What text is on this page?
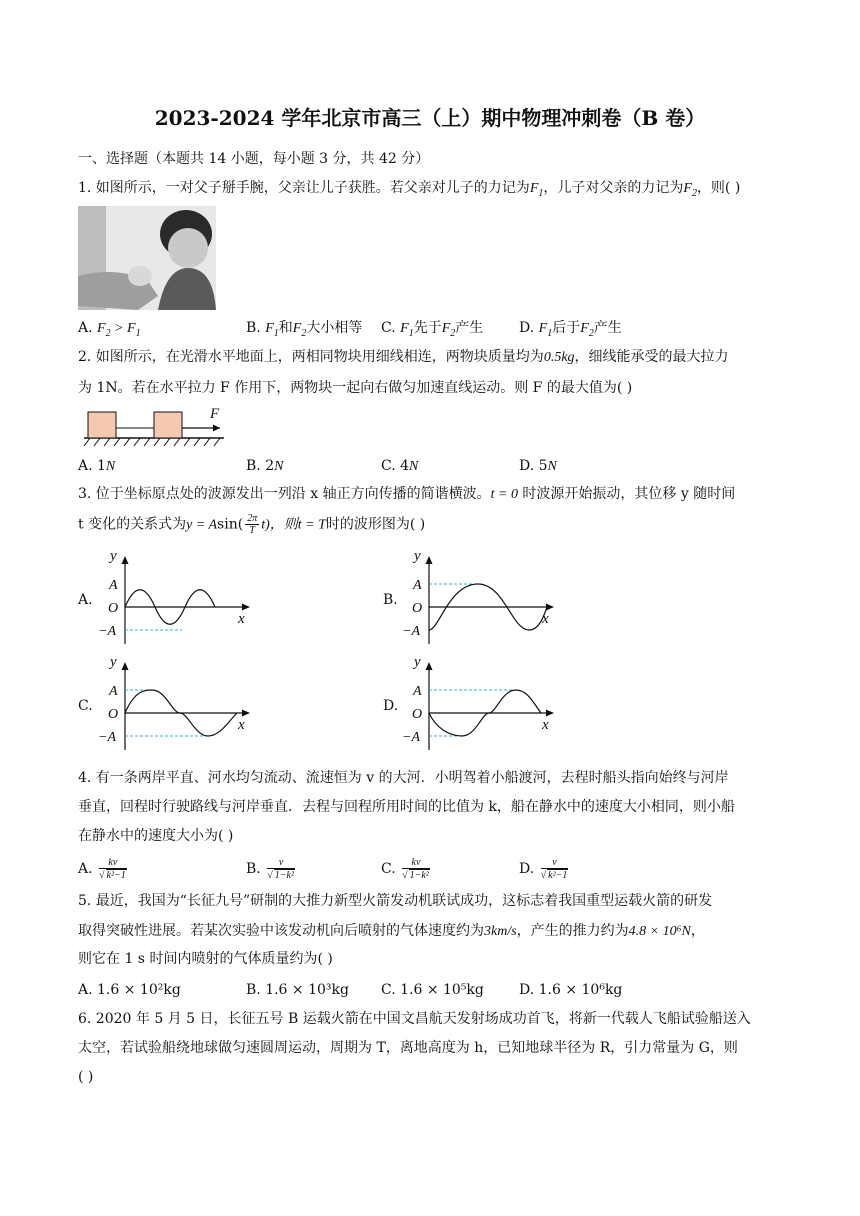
2023-2024 学年北京市高三（上）期中物理冲刺卷（B 卷）
一、选择题（本题共 14 小题，每小题 3 分，共 42 分）
1. 如图所示，一对父子掰手腕，父亲让儿子获胜。若父亲对儿子的力记为$F_1$，儿子对父亲的力记为$F_2$，则( )
A. $F_2 > F_1$	B. $F_1$和$F_2$大小相等 C. $F_1$先于$F_2$产生	D. $F_1$后于$F_2$产生
2. 如图所示，在光滑水平地面上，两相同物块用细线相连，两物块质量均为0.5kg，细线能承受的最大拉力
为 1N。若在水平拉力 F 作用下，两物块一起向右做匀加速直线运动。则 F 的最大值为( )
F
A. 1N	B. 2N	C. 4N	D. 5N
3. 位于坐标原点处的波源发出一列沿 x 轴正方向传播的简谐横波。t = 0 时波源开始振动，其位移 y 随时间
t 变化的关系式为$y = Asin( \frac{2\pi}{T} t)$，则t = T时的波形图为( )
A.
−A
O
A
x
y
B.
−A
O
A
x
y
C.
−A
O
A
x
y
D.
−A
O
A
x
y
4. 有一条两岸平直、河水均匀流动、流速恒为 v 的大河．小明驾着小船渡河，去程时船头指向始终与河岸
垂直，回程时行驶路线与河岸垂直．去程与回程所用时间的比值为 k，船在静水中的速度大小相同，则小船
在静水中的速度大小为( )
A. $\frac{kv}{\text{√ k²−1}}$	B. $\frac{v}{\text{√ 1−k²}}$	C. $\frac{kv}{\text{√ 1−k²}}$	D. $\frac{v}{\text{√ k²−1}}$
5. 最近，我国为“长征九号”研制的大推力新型火箭发动机联试成功，这标志着我国重型运载火箭的研发
取得突破性进展。若某次实验中该发动机向后喷射的气体速度约为3km/s，产生的推力约为4.8 × 10⁶N，
则它在 1 s 时间内喷射的气体质量约为( )
A. 1.6 × 10²kg	B. 1.6 × 10³kg C. 1.6 × 10⁵kg	D. 1.6 × 10⁶kg
6. 2020 年 5 月 5 日，长征五号 B 运载火箭在中国文昌航天发射场成功首飞，将新一代载人飞船试验船送入
太空，若试验船绕地球做匀速圆周运动，周期为 T，离地高度为 h，已知地球半径为 R，引力常量为 G，则
( )
